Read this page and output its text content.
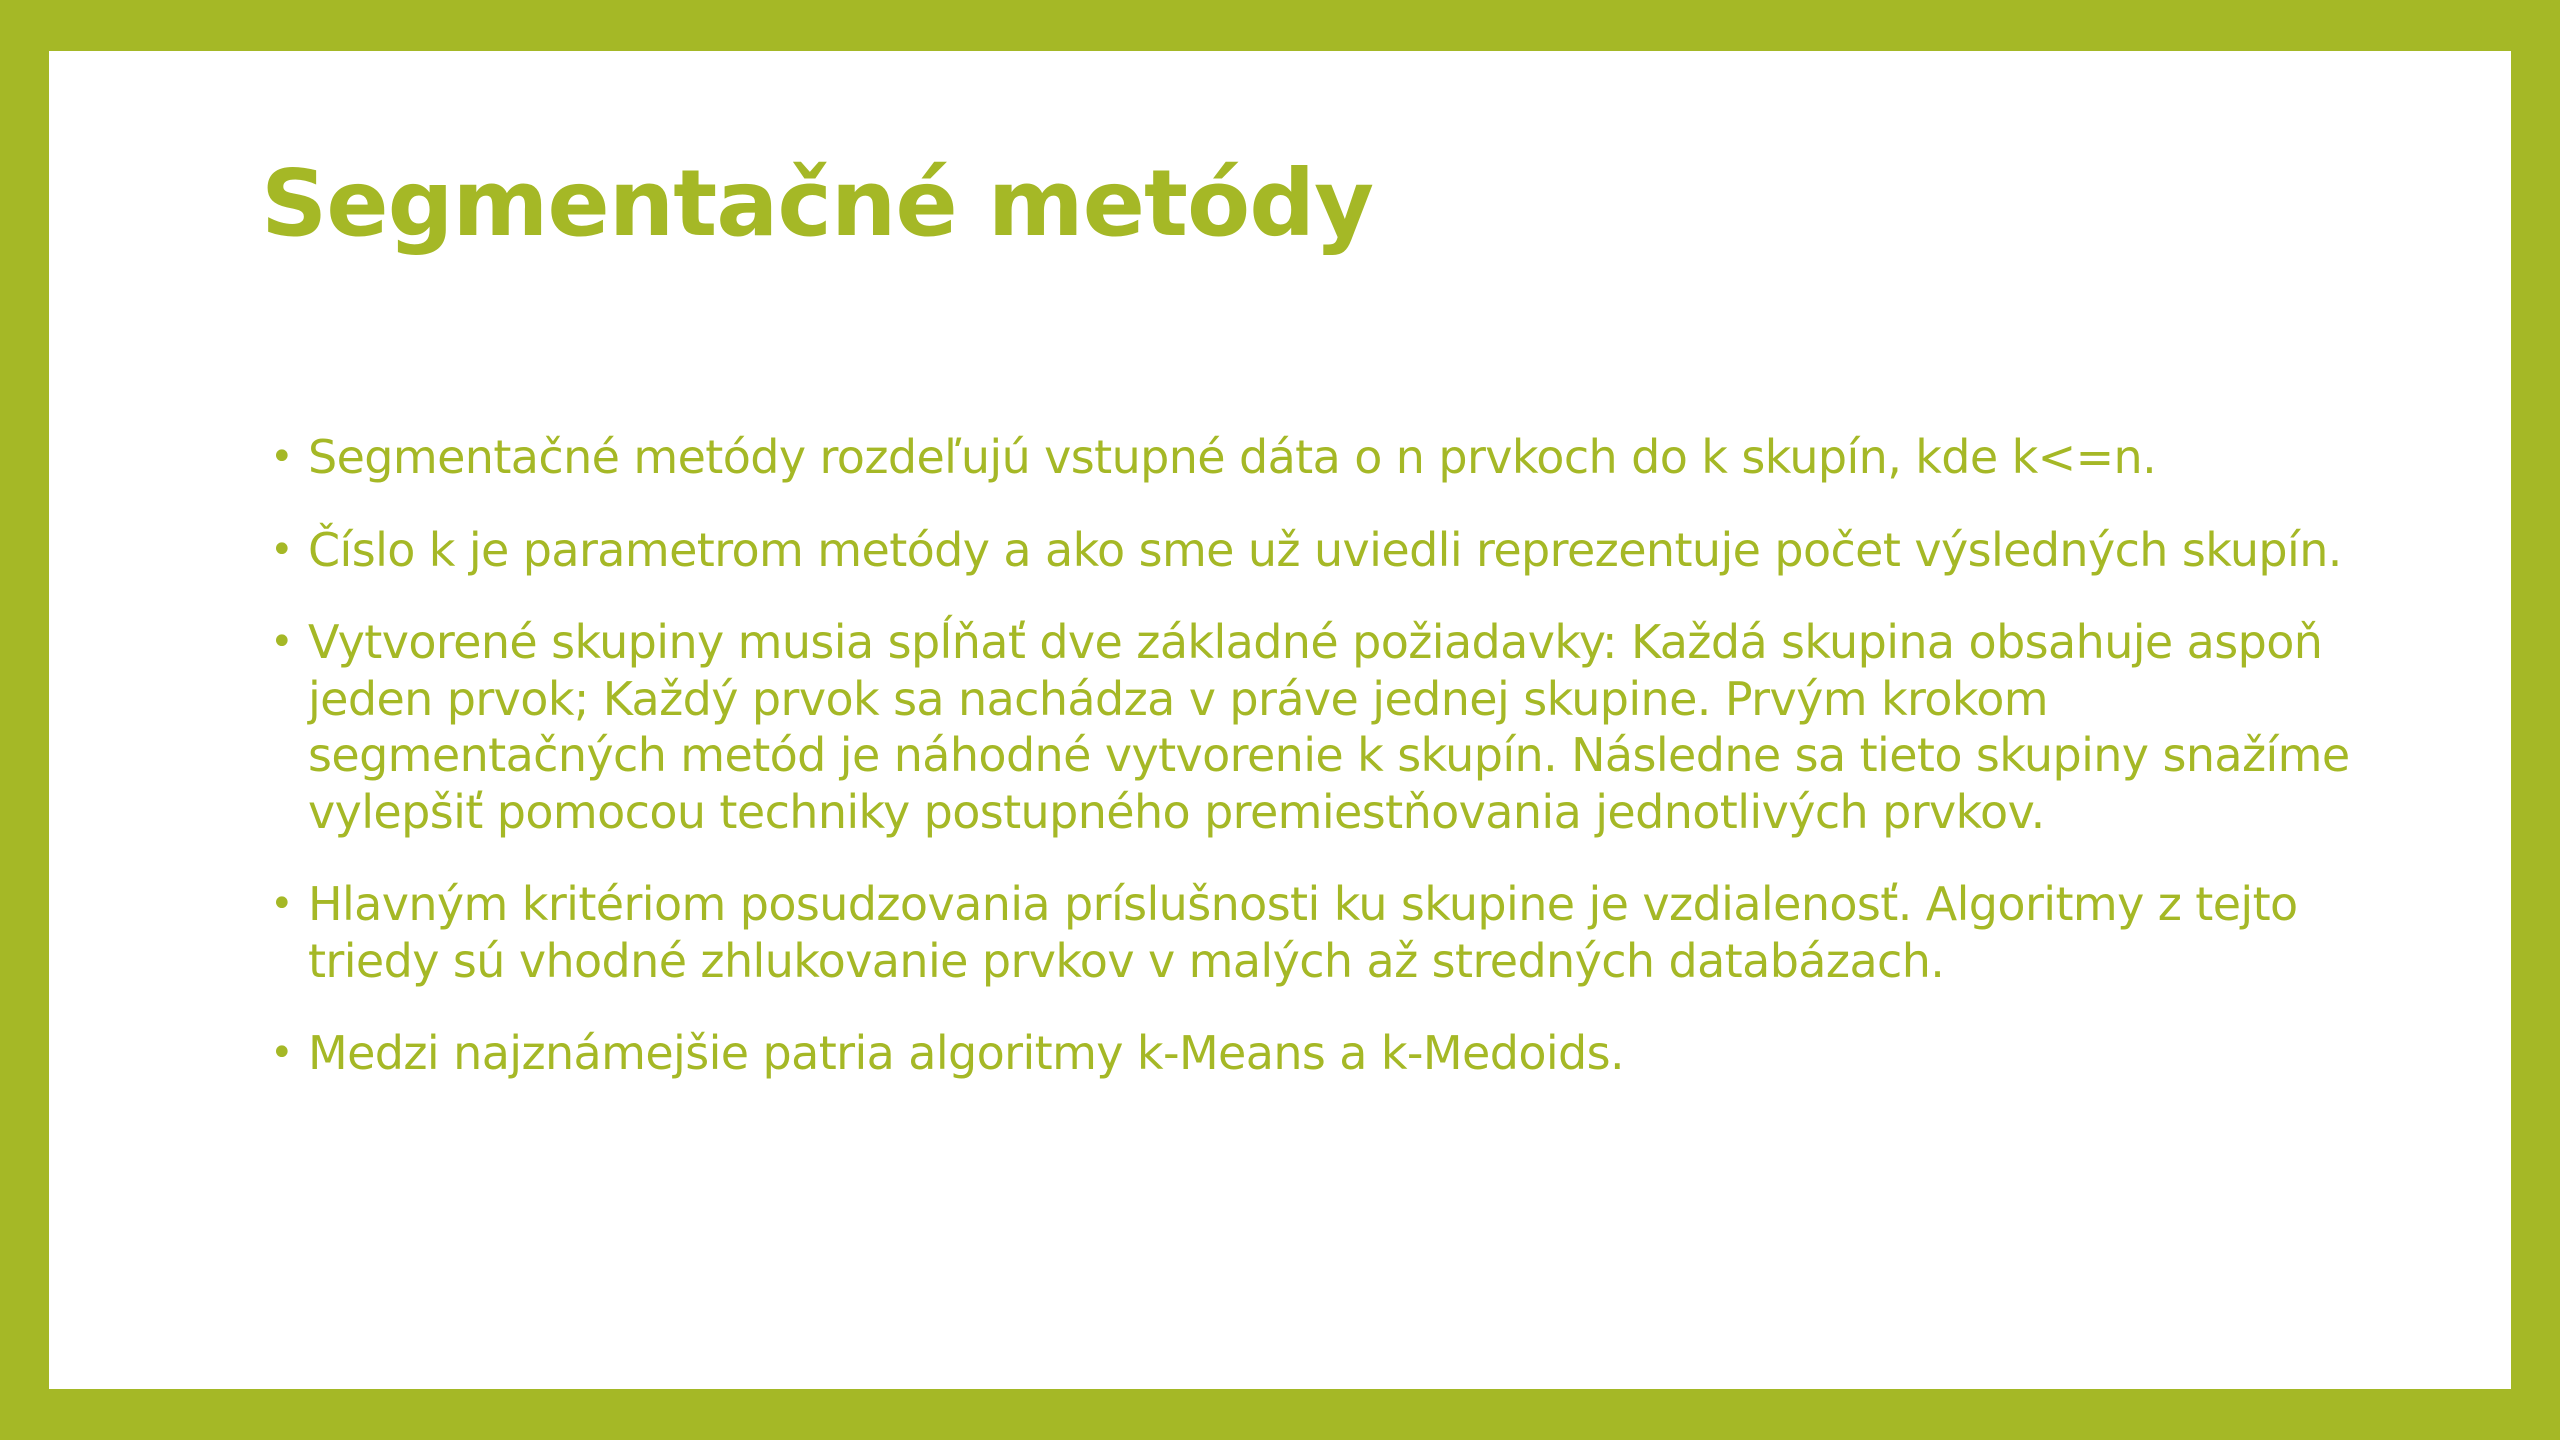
Segmentačné metódy
• Segmentačné metódy rozdeľujú vstupné dáta o n prvkoch do k skupín, kde k<=n.
• Číslo k je parametrom metódy a ako sme už uviedli reprezentuje počet výsledných skupín.
• Vytvorené skupiny musia spĺňať dve základné požiadavky: Každá skupina obsahuje aspoň jeden prvok; Každý prvok sa nachádza v práve jednej skupine. Prvým krokom segmentačných metód je náhodné vytvorenie k skupín. Následne sa tieto skupiny snažíme vylepšiť pomocou techniky postupného premiestňovania jednotlivých prvkov.
• Hlavným kritériom posudzovania príslušnosti ku skupine je vzdialenosť. Algoritmy z tejto triedy sú vhodné zhlukovanie prvkov v malých až stredných databázach.
• Medzi najznámejšie patria algoritmy k-Means a k-Medoids.
